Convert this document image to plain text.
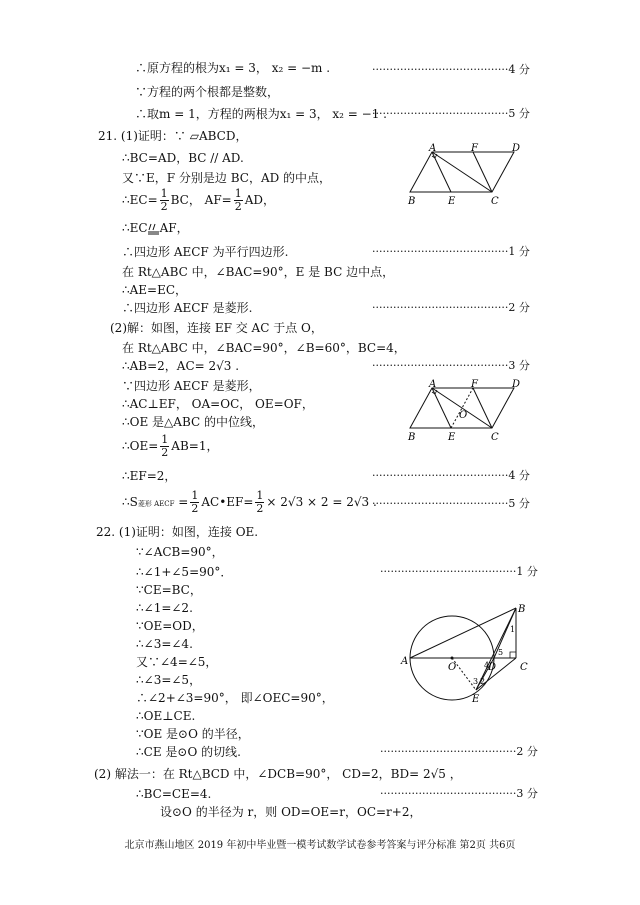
∴原方程的根为x₁ = 3， x₂ = −m .	·······································4 分
∵方程的两个根都是整数，
∴取m = 1，方程的两根为x₁ = 3， x₂ = −1 .
·······································5 分
21. (1)证明：∵ ▱ABCD，
∴BC=AD，BC // AD.
又∵E，F 分别是边 BC，AD 的中点，
∴EC= $\frac{1}{2}$ BC， $AF= \frac{1}{2}$ AD，
∴EC AF，
∴四边形 AECF 为平行四边形.	·······································1 分
在 Rt△ABC 中，∠BAC=90°，E 是 BC 边中点，
∴AE=EC，
∴四边形 AECF 是菱形.	·······································2 分
A	F	D
B	E	C
(2)解：如图，连接 EF 交 AC 于点 O，
在 Rt△ABC 中，∠BAC=90°，∠B=60°，BC=4，
∴AB=2，AC= 2√3 .	·······································3 分
∵四边形 AECF 是菱形，
∴AC⊥EF， OA=OC， OE=OF，
∴OE 是△ABC 的中位线，
∴OE= $\frac{1}{2} AB=1$，
∴EF=2，	·······································4 分
∴S菱形 AECF = $\frac{1}{2}$ AC•EF= $\frac{1}{2} \times 2√3 \times 2 = 2√3$ .
·······································5 分
A	F	D
O
B	E	C
22. (1)证明：如图，连接 OE.
∵∠ACB=90°，
∴∠1+∠5=90°．	·······································1 分
∵CE=BC，
∴∠1=∠2.
∵OE=OD，
∴∠3=∠4.
又∵∠4=∠5，
∴∠3=∠5，
∴∠2+∠3=90°， 即∠OEC=90°，
∴OE⊥CE.
∵OE 是⊙O 的半径，
∴CE 是⊙O 的切线.	·······································2 分
A
O	D C
B
E
1
2
3
4
5
(2) 解法一：在 Rt△BCD 中，∠DCB=90°， CD=2，BD= 2√5 ，
∴BC=CE=4.	·······································3 分
设⊙O 的半径为 r，则 OD=OE=r，OC=r+2，
北京市燕山地区 2019 年初中毕业暨一模考试数学试卷参考答案与评分标准 第2页 共6页
